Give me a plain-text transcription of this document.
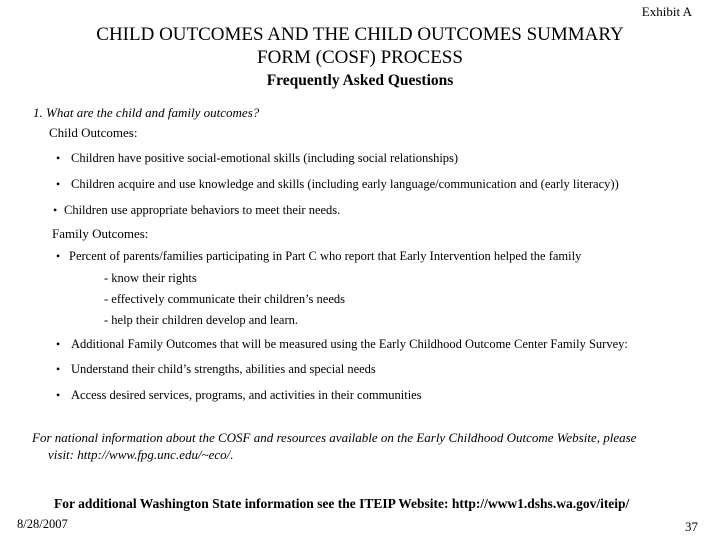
Exhibit A
CHILD OUTCOMES AND THE CHILD OUTCOMES SUMMARY
FORM (COSF) PROCESS
Frequently Asked Questions
1. What are the child and family outcomes?
Child Outcomes:
• Children have positive social-emotional skills (including social relationships)
• Children acquire and use knowledge and skills (including early language/communication and (early literacy))
• Children use appropriate behaviors to meet their needs.
Family Outcomes:
• Percent of parents/families participating in Part C who report that Early Intervention helped the family
- know their rights
- effectively communicate their children’s needs
- help their children develop and learn.
• Additional Family Outcomes that will be measured using the Early Childhood Outcome Center Family Survey:
• Understand their child’s strengths, abilities and special needs
• Access desired services, programs, and activities in their communities
For national information about the COSF and resources available on the Early Childhood Outcome Website, please
visit: http://www.fpg.unc.edu/~eco/.
For additional Washington State information see the ITEIP Website: http://www1.dshs.wa.gov/iteip/
8/28/2007	37
